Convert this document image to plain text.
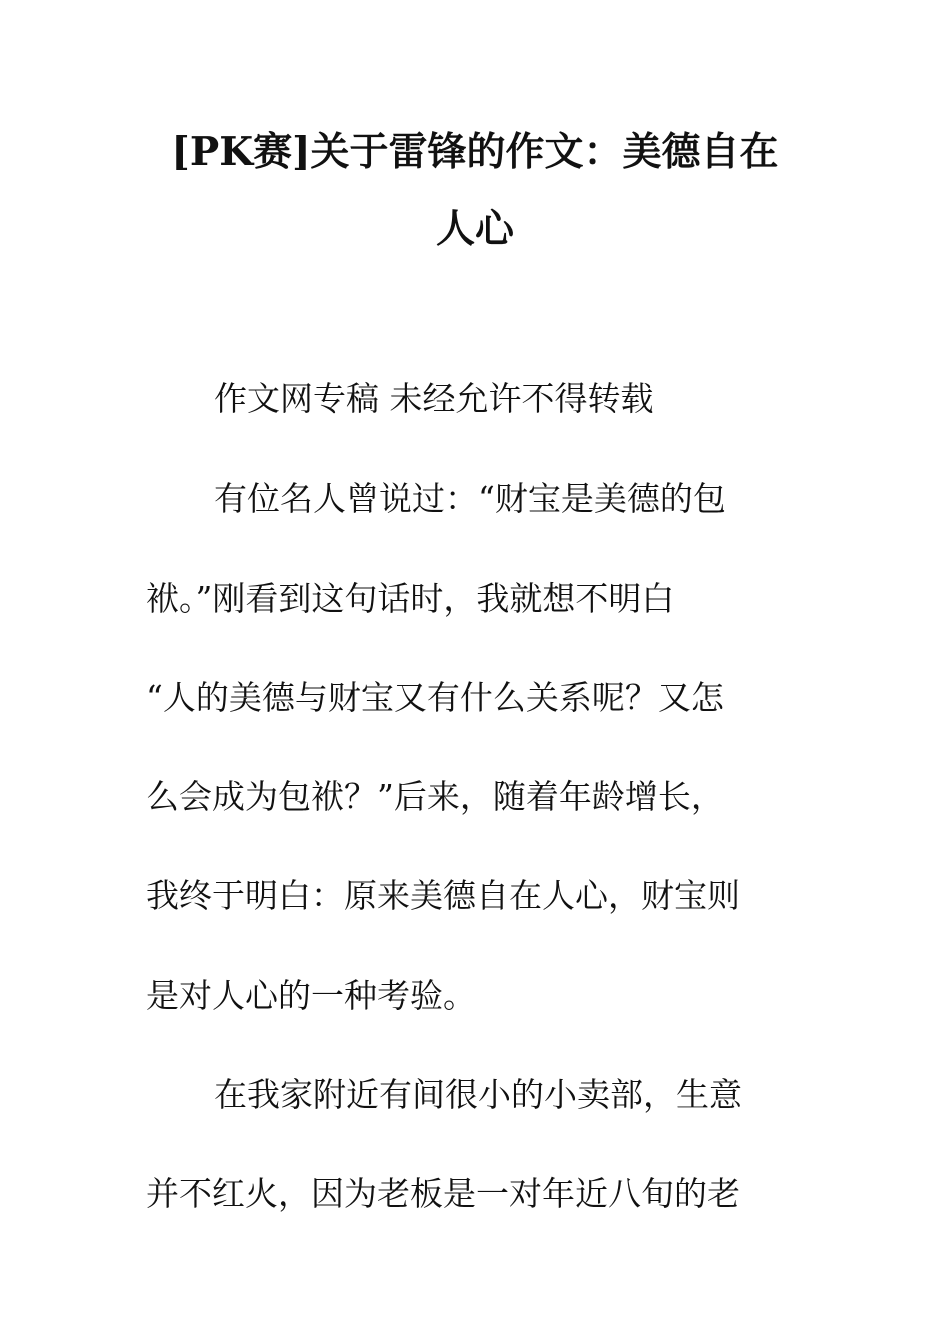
[PK赛]关于雷锋的作文：美德自在
人心
作文网专稿 未经允许不得转载
有位名人曾说过：“财宝是美德的包
袱。”刚看到这句话时，我就想不明白
“人的美德与财宝又有什么关系呢？又怎
么会成为包袱？”后来，随着年龄增长，
我终于明白：原来美德自在人心，财宝则
是对人心的一种考验。
在我家附近有间很小的小卖部，生意
并不红火，因为老板是一对年近八旬的老
